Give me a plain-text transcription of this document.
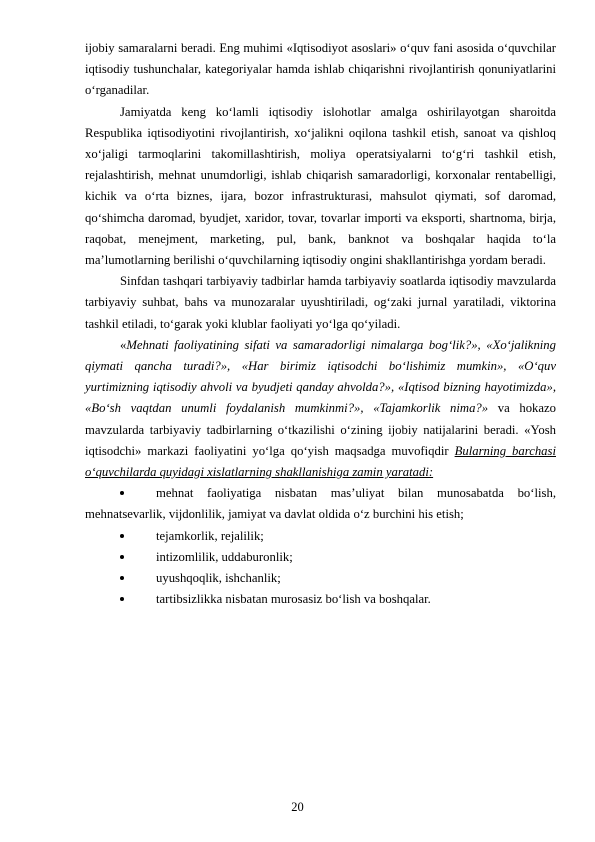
ijobiy samaralarni beradi. Eng muhimi «Iqtisodiyot asoslari» oʻquv fani asosida oʻquvchilar iqtisodiy tushunchalar, kategoriyalar hamda ishlab chiqarishni rivojlantirish qonuniyatlarini oʻrganadilar.

Jamiyatda keng koʻlamli iqtisodiy islohotlar amalga oshirilayotgan sharoitda Respublika iqtisodiyotini rivojlantirish, xoʻjalikni oqilona tashkil etish, sanoat va qishloq xoʻjaligi tarmoqlarini takomillashtirish, moliya operatsiyalarni toʻgʻri tashkil etish, rejalashtirish, mehnat unumdorligi, ishlab chiqarish samaradorligi, korxonalar rentabelligi, kichik va oʻrta biznes, ijara, bozor infrastrukturasi, mahsulot qiymati, sof daromad, qoʻshimcha daromad, byudjet, xaridor, tovar, tovarlar importi va eksporti, shartnoma, birja, raqobat, menejment, marketing, pul, bank, banknot va boshqalar haqida toʻla maʼlumotlarning berilishi oʻquvchilarning iqtisodiy ongini shakllantirishga yordam beradi.

Sinfdan tashqari tarbiyaviy tadbirlar hamda tarbiyaviy soatlarda iqtisodiy mavzularda tarbiyaviy suhbat, bahs va munozaralar uyushtiriladi, ogʻzaki jurnal yaratiladi, viktorina tashkil etiladi, toʻgarak yoki klublar faoliyati yoʻlga qoʻyiladi.

«Mehnati faoliyatining sifati va samaradorligi nimalarga bogʻlik?», «Xoʻjalikning qiymati qancha turadi?», «Har birimiz iqtisodchi boʻlishimiz mumkin», «Oʻquv yurtimizning iqtisodiy ahvoli va byudjeti qanday ahvolda?», «Iqtisod bizning hayotimizda», «Boʻsh vaqtdan unumli foydalanish mumkinmi?», «Tajamkorlik nima?» va hokazo mavzularda tarbiyaviy tadbirlarning oʻtkazilishi oʻzining ijobiy natijalarini beradi. «Yosh iqtisodchi» markazi faoliyatini yoʻlga qoʻyish maqsadga muvofiqdir Bularning barchasi oʻquvchilarda quyidagi xislatlarning shakllanishiga zamin yaratadi:

mehnat faoliyatiga nisbatan masʼuliyat bilan munosabatda boʻlish, mehnatsevarlik, vijdonlilik, jamiyat va davlat oldida oʻz burchini his etish;
tejamkorlik, rejalilik;
intizomlilik, uddaburonlik;
uyushqoqlik, ishchanlik;
tartibsizlikka nisbatan murosasiz boʻlish va boshqalar.
20
